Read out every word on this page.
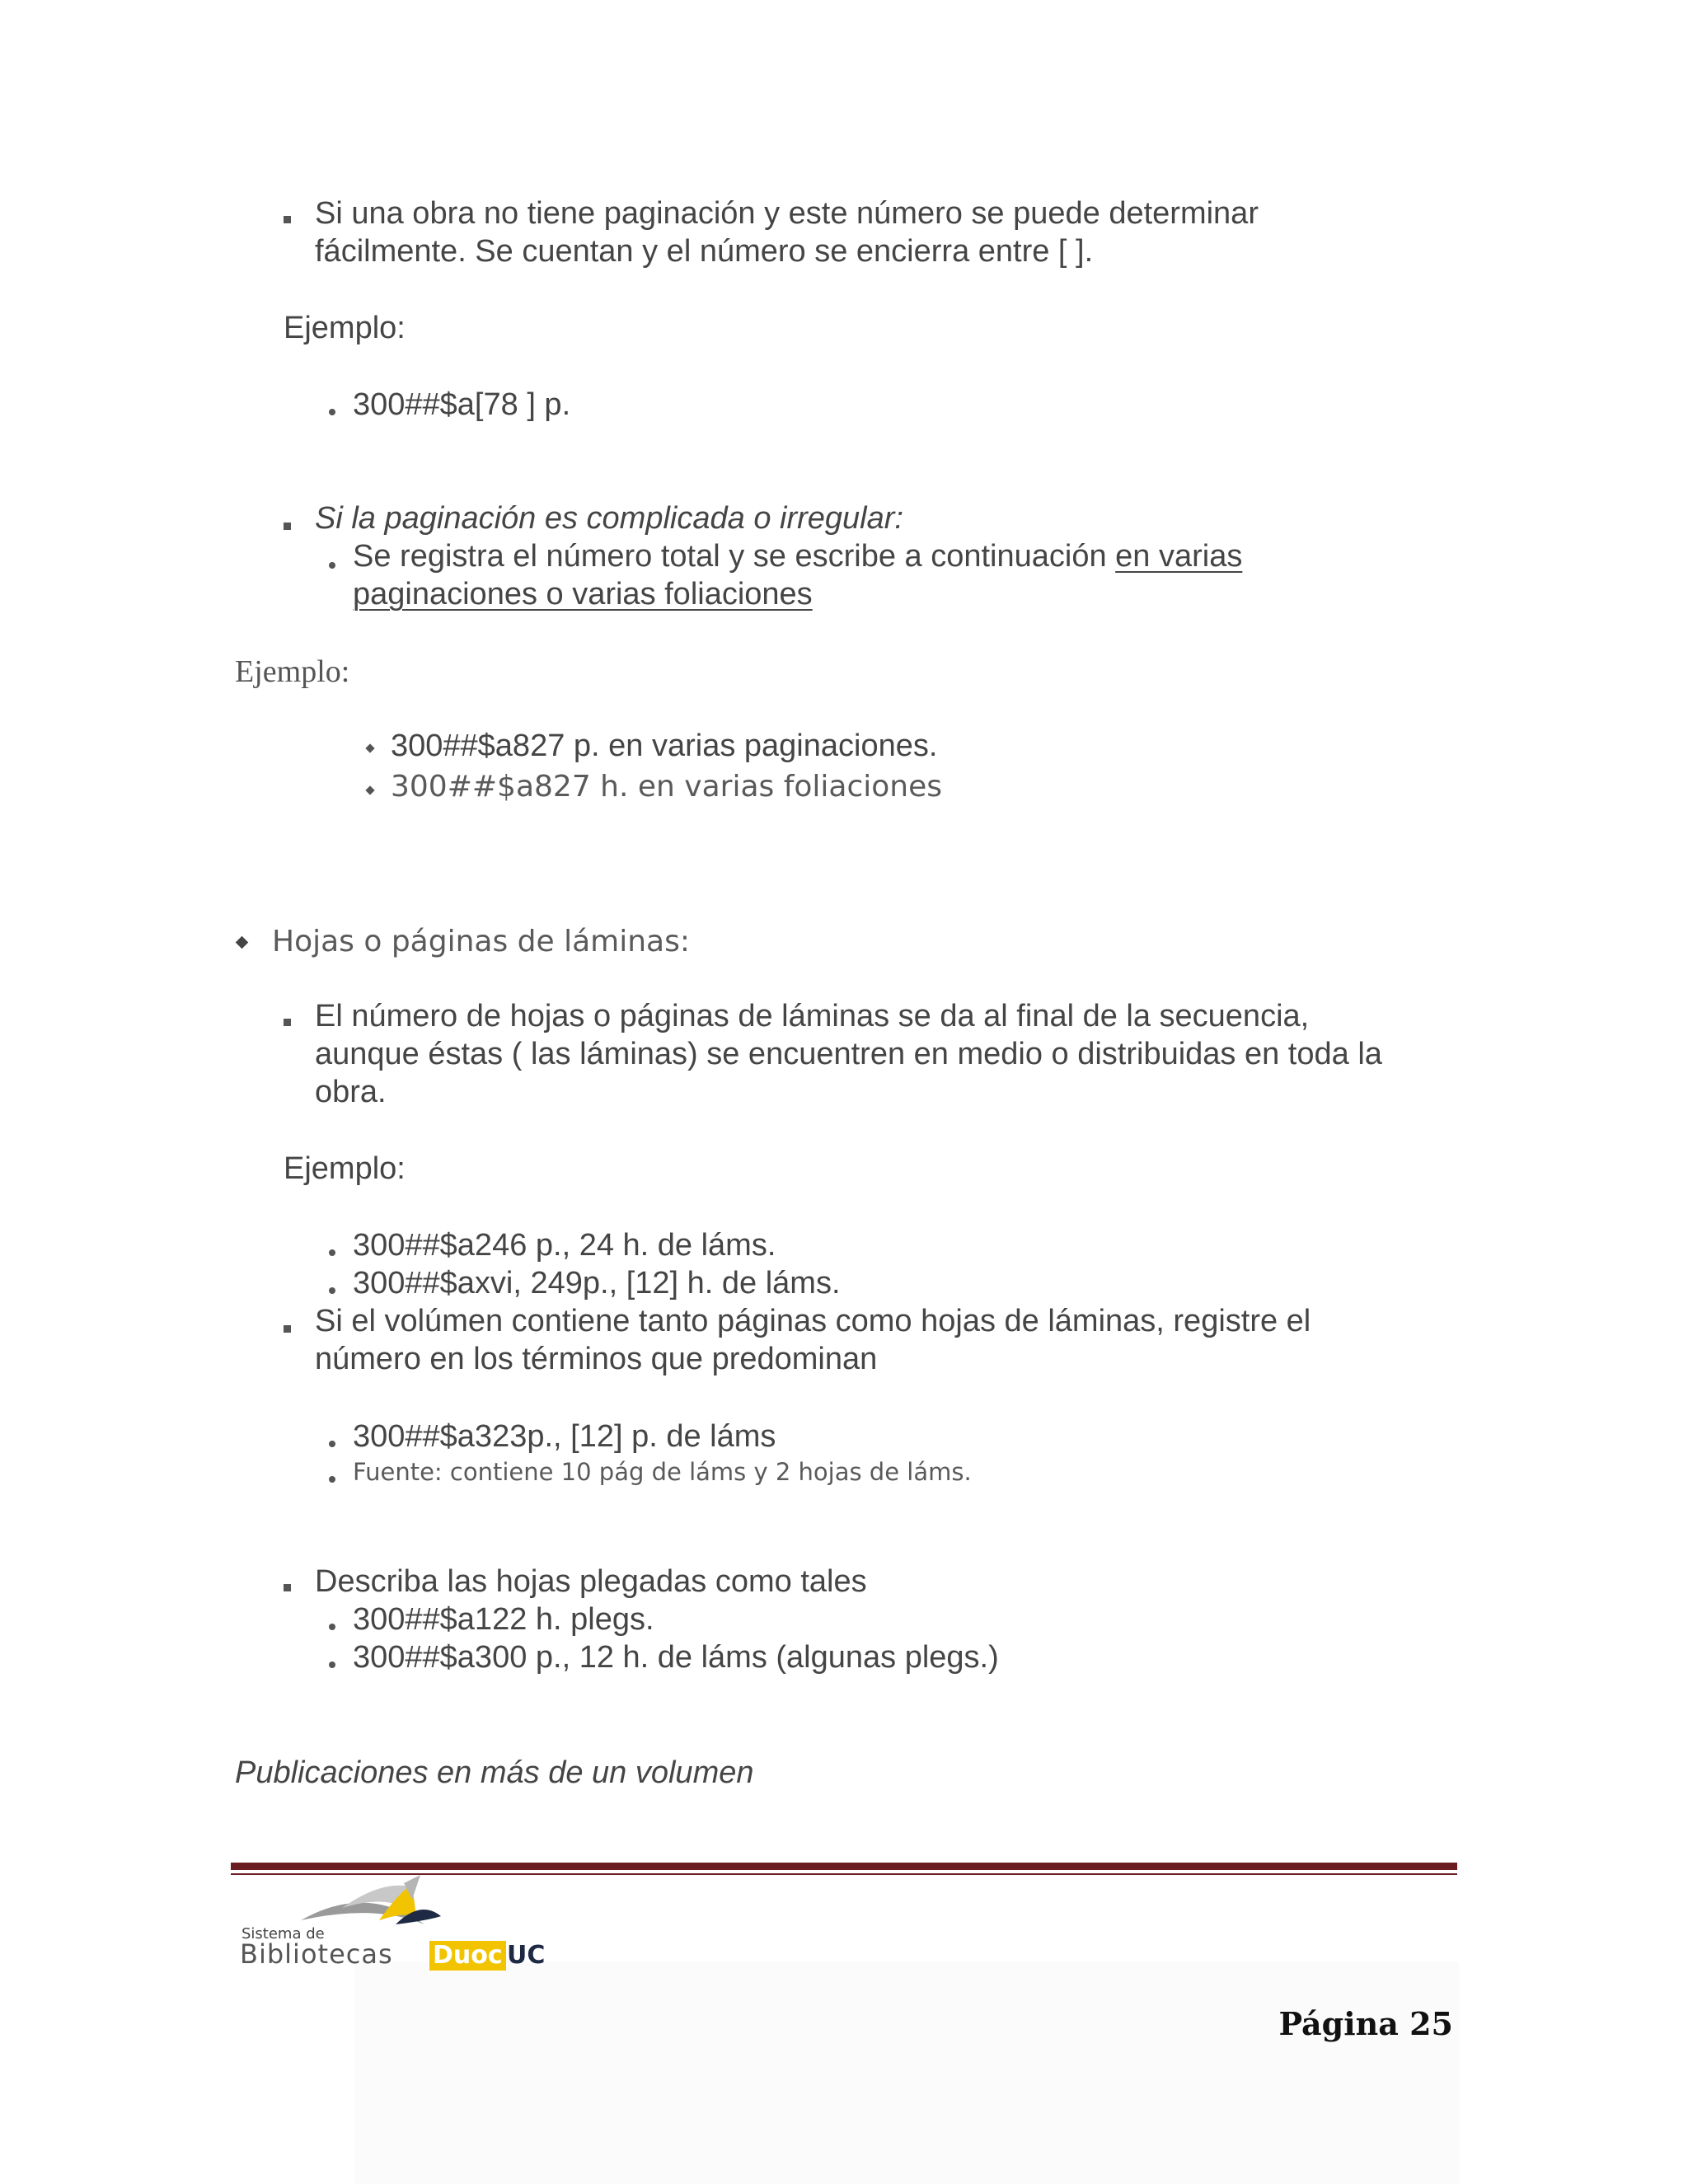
Si una obra no tiene paginación y este número se puede determinar
fácilmente. Se cuentan y el número se encierra entre [ ].
Ejemplo:
300##$a[78 ] p.
Si la paginación es complicada o irregular:
Se registra el número total y se escribe a continuación en varias
paginaciones o varias foliaciones
Ejemplo:
300##$a827 p. en varias paginaciones.
300##$a827 h. en varias foliaciones
Hojas o páginas de láminas:
El número de hojas o páginas de láminas se da al final de la secuencia,
aunque éstas ( las láminas) se encuentren en medio o distribuidas en toda la
obra.
Ejemplo:
300##$a246 p., 24 h. de láms.
300##$axvi, 249p., [12] h. de láms.
Si el volúmen contiene tanto páginas como hojas de láminas, registre el
número en los términos que predominan
300##$a323p., [12] p. de láms
Fuente: contiene 10 pág de láms y 2 hojas de láms.
Describa las hojas plegadas como tales
300##$a122 h. plegs.
300##$a300 p., 12 h. de láms (algunas plegs.)
Publicaciones en más de un volumen
Sistema de
Bibliotecas Duoc UC
Página 25
